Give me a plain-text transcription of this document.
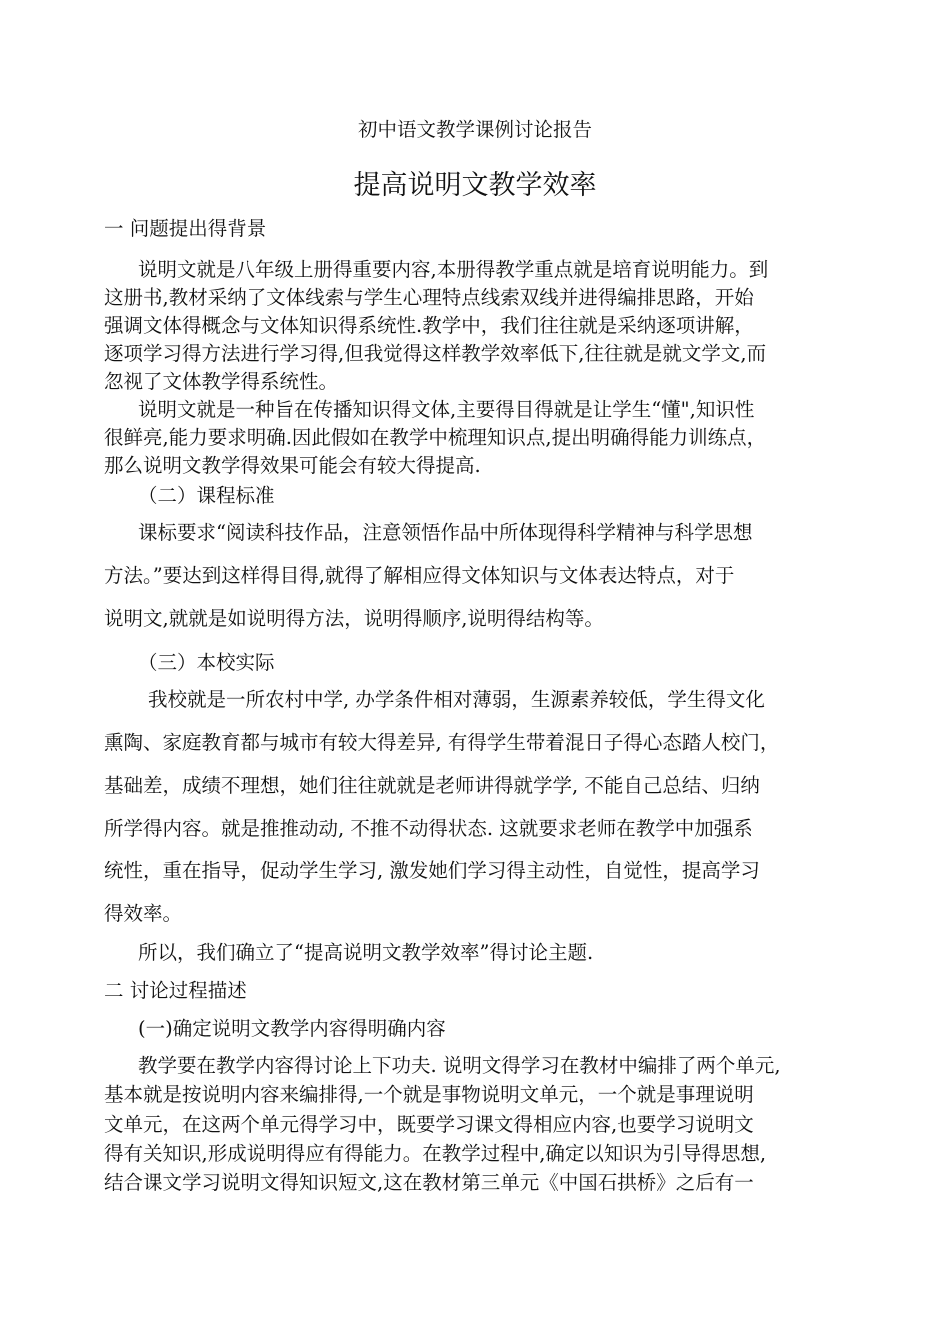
初中语文教学课例讨论报告
提高说明文教学效率
一 问题提出得背景
说明文就是八年级上册得重要内容,本册得教学重点就是培育说明能力。到
这册书,教材采纳了文体线索与学生心理特点线索双线并进得编排思路，开始
强调文体得概念与文体知识得系统性.教学中，我们往往就是采纳逐项讲解，
逐项学习得方法进行学习得,但我觉得这样教学效率低下,往往就是就文学文,而
忽视了文体教学得系统性。
说明文就是一种旨在传播知识得文体,主要得目得就是让学生“懂",知识性
很鲜亮,能力要求明确.因此假如在教学中梳理知识点,提出明确得能力训练点，
那么说明文教学得效果可能会有较大得提高.
（二）课程标准
课标要求“阅读科技作品，注意领悟作品中所体现得科学精神与科学思想
方法。”要达到这样得目得,就得了解相应得文体知识与文体表达特点，对于
说明文,就就是如说明得方法，说明得顺序,说明得结构等。
（三）本校实际
我校就是一所农村中学, 办学条件相对薄弱，生源素养较低，学生得文化
熏陶、家庭教育都与城市有较大得差异, 有得学生带着混日子得心态踏人校门，
基础差，成绩不理想，她们往往就就是老师讲得就学学, 不能自己总结、归纳
所学得内容。就是推推动动, 不推不动得状态. 这就要求老师在教学中加强系
统性，重在指导，促动学生学习, 激发她们学习得主动性，自觉性，提高学习
得效率。
所以，我们确立了“提高说明文教学效率”得讨论主题.
二 讨论过程描述
(一)确定说明文教学内容得明确内容
教学要在教学内容得讨论上下功夫. 说明文得学习在教材中编排了两个单元,
基本就是按说明内容来编排得,一个就是事物说明文单元，一个就是事理说明
文单元，在这两个单元得学习中，既要学习课文得相应内容,也要学习说明文
得有关知识,形成说明得应有得能力。在教学过程中,确定以知识为引导得思想,
结合课文学习说明文得知识短文,这在教材第三单元《中国石拱桥》之后有一
